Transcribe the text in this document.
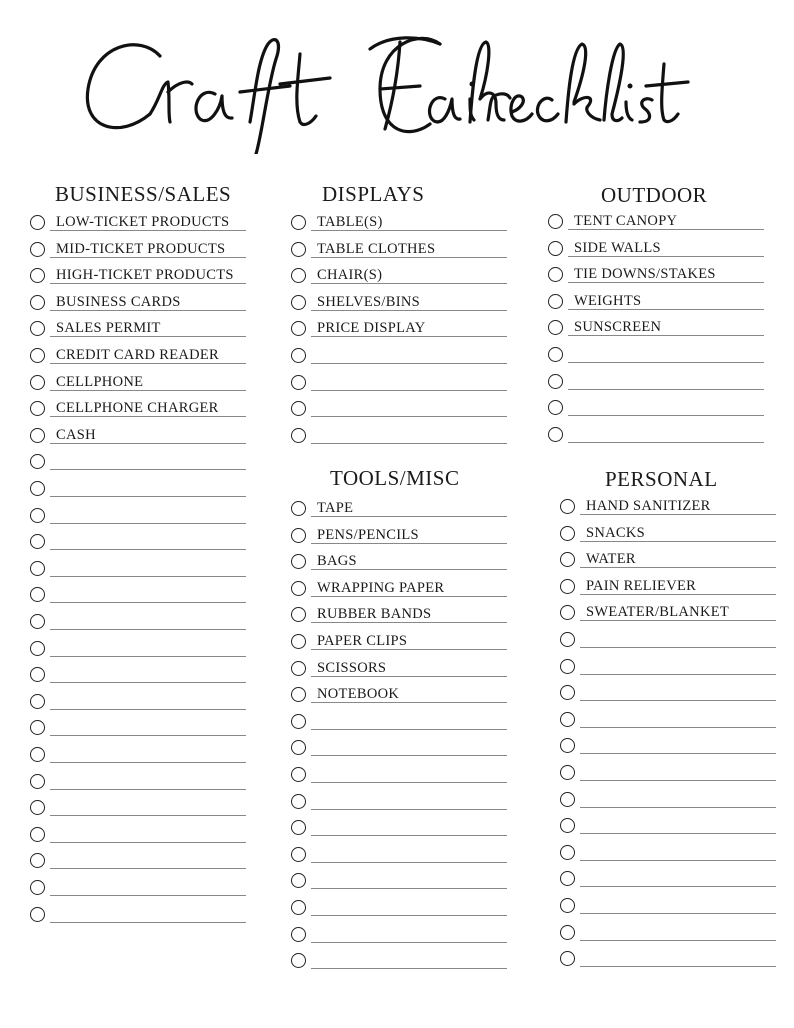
BUSINESS/SALES
LOW-TICKET PRODUCTS
MID-TICKET PRODUCTS
HIGH-TICKET PRODUCTS
BUSINESS CARDS
SALES PERMIT
CREDIT CARD READER
CELLPHONE
CELLPHONE CHARGER
CASH
DISPLAYS
TABLE(S)
TABLE CLOTHES
CHAIR(S)
SHELVES/BINS
PRICE DISPLAY
OUTDOOR
TENT CANOPY
SIDE WALLS
TIE DOWNS/STAKES
WEIGHTS
SUNSCREEN
TOOLS/MISC
TAPE
PENS/PENCILS
BAGS
WRAPPING PAPER
RUBBER BANDS
PAPER CLIPS
SCISSORS
NOTEBOOK
PERSONAL
HAND SANITIZER
SNACKS
WATER
PAIN RELIEVER
SWEATER/BLANKET
